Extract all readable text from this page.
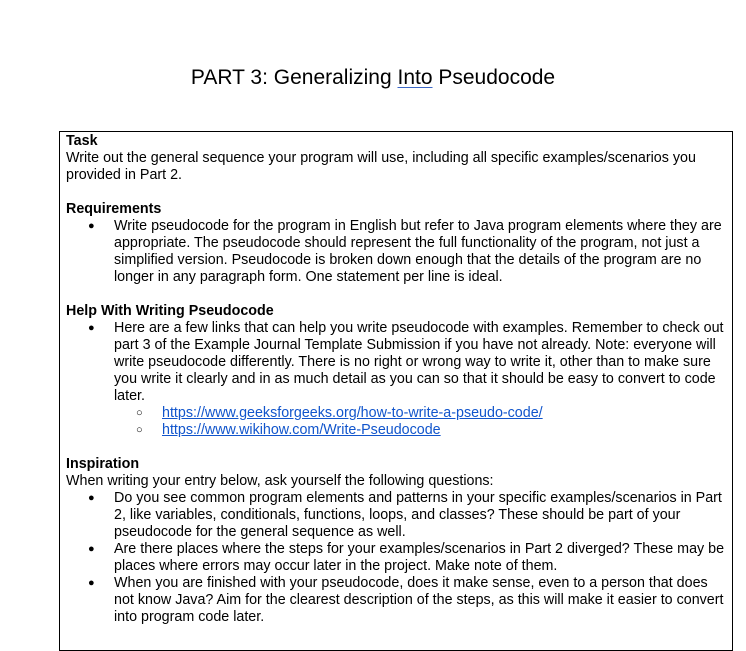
PART 3: Generalizing Into Pseudocode
Task
Write out the general sequence your program will use, including all specific examples/scenarios you provided in Part 2.
Requirements
● Write pseudocode for the program in English but refer to Java program elements where they are appropriate. The pseudocode should represent the full functionality of the program, not just a simplified version. Pseudocode is broken down enough that the details of the program are no longer in any paragraph form. One statement per line is ideal.
Help With Writing Pseudocode
● Here are a few links that can help you write pseudocode with examples. Remember to check out part 3 of the Example Journal Template Submission if you have not already. Note: everyone will write pseudocode differently. There is no right or wrong way to write it, other than to make sure you write it clearly and in as much detail as you can so that it should be easy to convert to code later.
○ https://www.geeksforgeeks.org/how-to-write-a-pseudo-code/
○ https://www.wikihow.com/Write-Pseudocode
Inspiration
When writing your entry below, ask yourself the following questions:
● Do you see common program elements and patterns in your specific examples/scenarios in Part 2, like variables, conditionals, functions, loops, and classes? These should be part of your pseudocode for the general sequence as well.
● Are there places where the steps for your examples/scenarios in Part 2 diverged? These may be places where errors may occur later in the project. Make note of them.
● When you are finished with your pseudocode, does it make sense, even to a person that does not know Java? Aim for the clearest description of the steps, as this will make it easier to convert into program code later.
